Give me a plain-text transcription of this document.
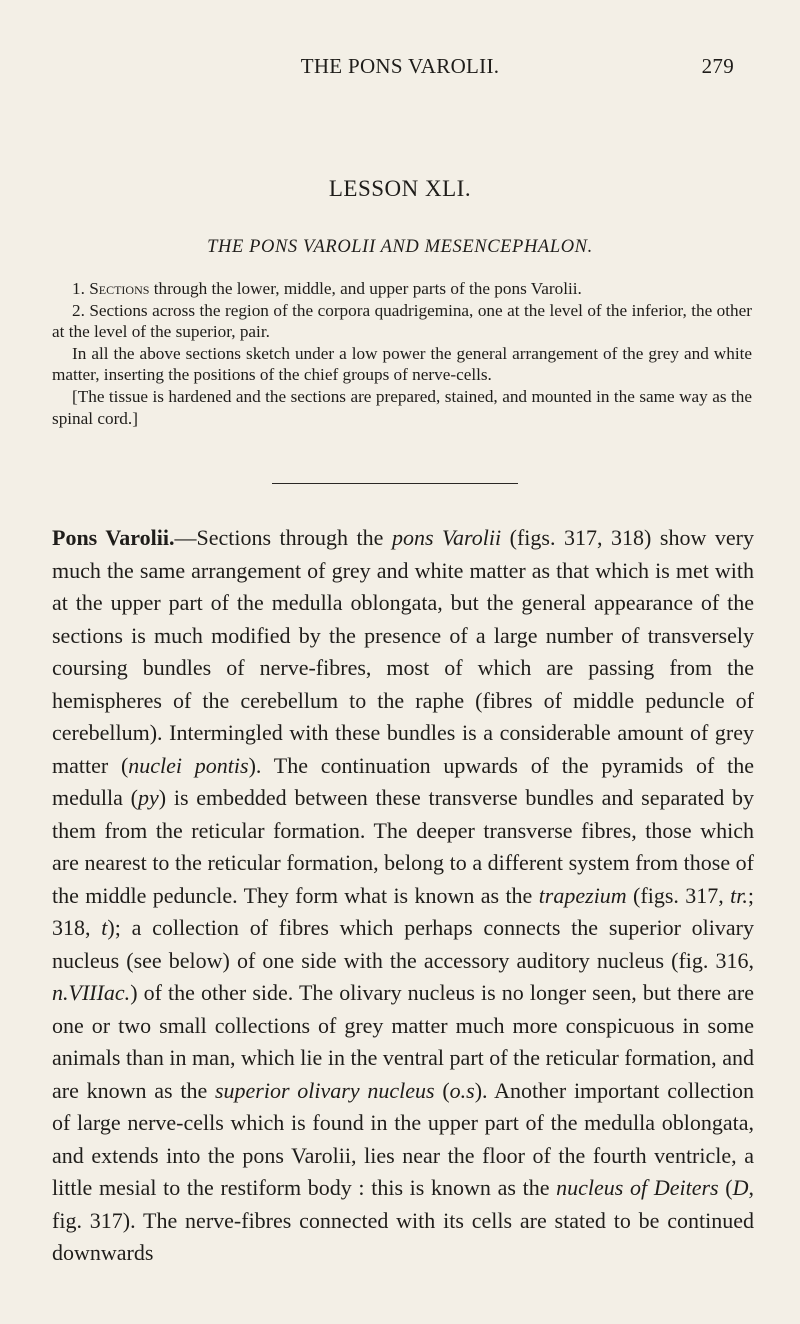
THE PONS VAROLII.	279
LESSON XLI.
THE PONS VAROLII AND MESENCEPHALON.

1. Sections through the lower, middle, and upper parts of the pons Varolii.

2. Sections across the region of the corpora quadrigemina, one at the level of the inferior, the other at the level of the superior, pair.

In all the above sections sketch under a low power the general arrangement of the grey and white matter, inserting the positions of the chief groups of nerve-cells.

[The tissue is hardened and the sections are prepared, stained, and mounted in the same way as the spinal cord.]

Pons Varolii.—Sections through the pons Varolii (figs. 317, 318) show very much the same arrangement of grey and white matter as that which is met with at the upper part of the medulla oblongata, but the general appearance of the sections is much modified by the presence of a large number of transversely coursing bundles of nerve-fibres, most of which are passing from the hemispheres of the cerebellum to the raphe (fibres of middle peduncle of cerebellum). Intermingled with these bundles is a considerable amount of grey matter (nuclei pontis). The continuation upwards of the pyramids of the medulla (py) is embedded between these transverse bundles and separated by them from the reticular formation. The deeper transverse fibres, those which are nearest to the reticular formation, belong to a different system from those of the middle peduncle. They form what is known as the trapezium (figs. 317, tr.; 318, t); a collection of fibres which perhaps connects the superior olivary nucleus (see below) of one side with the accessory auditory nucleus (fig. 316, n.VIIIac.) of the other side. The olivary nucleus is no longer seen, but there are one or two small collections of grey matter much more conspicuous in some animals than in man, which lie in the ventral part of the reticular formation, and are known as the superior olivary nucleus (o.s). Another important collection of large nerve-cells which is found in the upper part of the medulla oblongata, and extends into the pons Varolii, lies near the floor of the fourth ventricle, a little mesial to the restiform body : this is known as the nucleus of Deiters (D, fig. 317). The nerve-fibres connected with its cells are stated to be continued downwards
